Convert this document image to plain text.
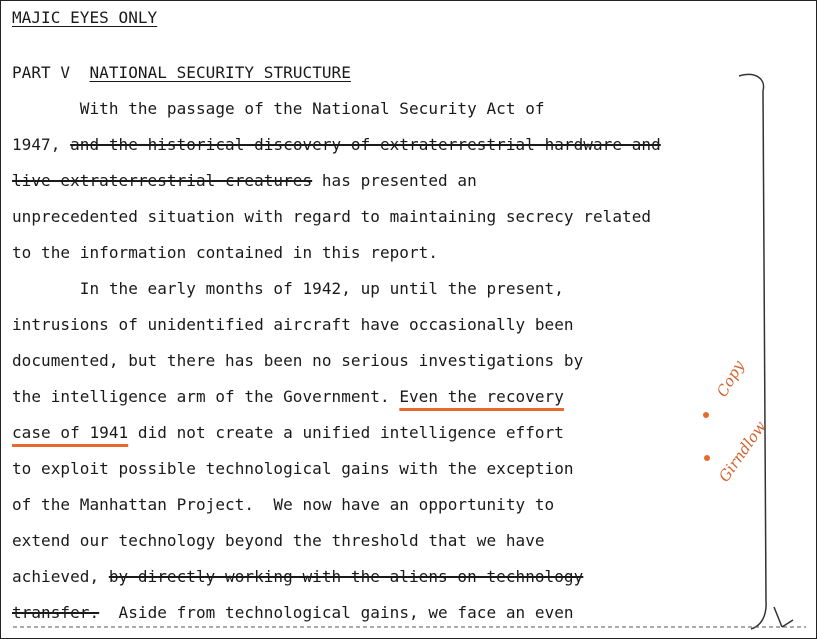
MAJIC EYES ONLY
PART V NATIONAL SECURITY STRUCTURE
With the passage of the National Security Act of
1947, and the historical discovery of extraterrestrial hardware and
live extraterrestrial creatures has presented an
unprecedented situation with regard to maintaining secrecy related
to the information contained in this report.
In the early months of 1942, up until the present,
intrusions of unidentified aircraft have occasionally been
documented, but there has been no serious investigations by
the intelligence arm of the Government. Even the recovery
case of 1941 did not create a unified intelligence effort
to exploit possible technological gains with the exception
of the Manhattan Project.  We now have an opportunity to
extend our technology beyond the threshold that we have
achieved, by directly working with the aliens on technology
transfer.  Aside from technological gains, we face an even
Copy
Girndlow
